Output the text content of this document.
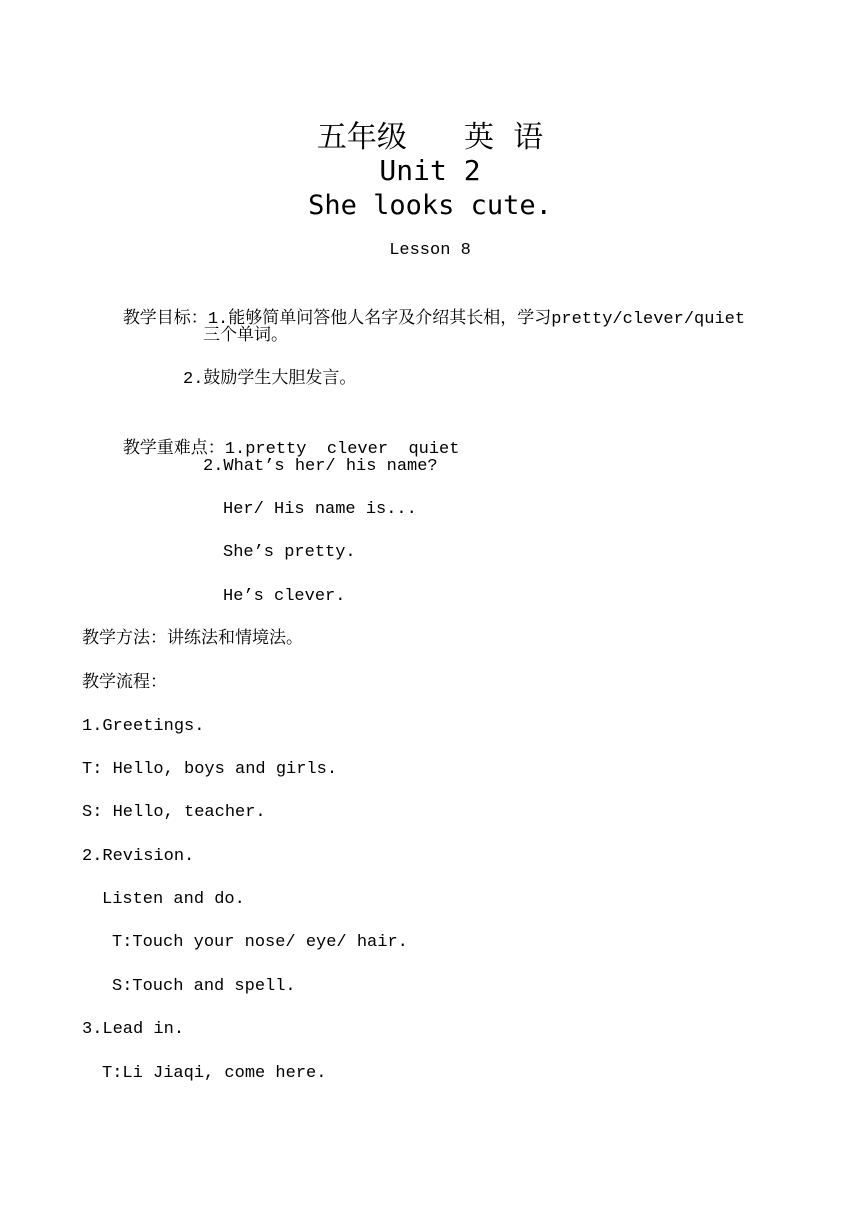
五年级      英  语
Unit 2
She looks cute.
Lesson 8

教学目标：1.能够简单问答他人名字及介绍其长相，学习pretty/clever/quiet

三个单词。
2.鼓励学生大胆发言。

教学重难点：1.pretty  clever  quiet

2.What’s her/ his name?
Her/ His name is...
She’s pretty.
He’s clever.
教学方法：讲练法和情境法。
教学流程：
1.Greetings.
T: Hello, boys and girls.
S: Hello, teacher.
2.Revision.
Listen and do.
T:Touch your nose/ eye/ hair.
S:Touch and spell.
3.Lead in.
T:Li Jiaqi, come here.
